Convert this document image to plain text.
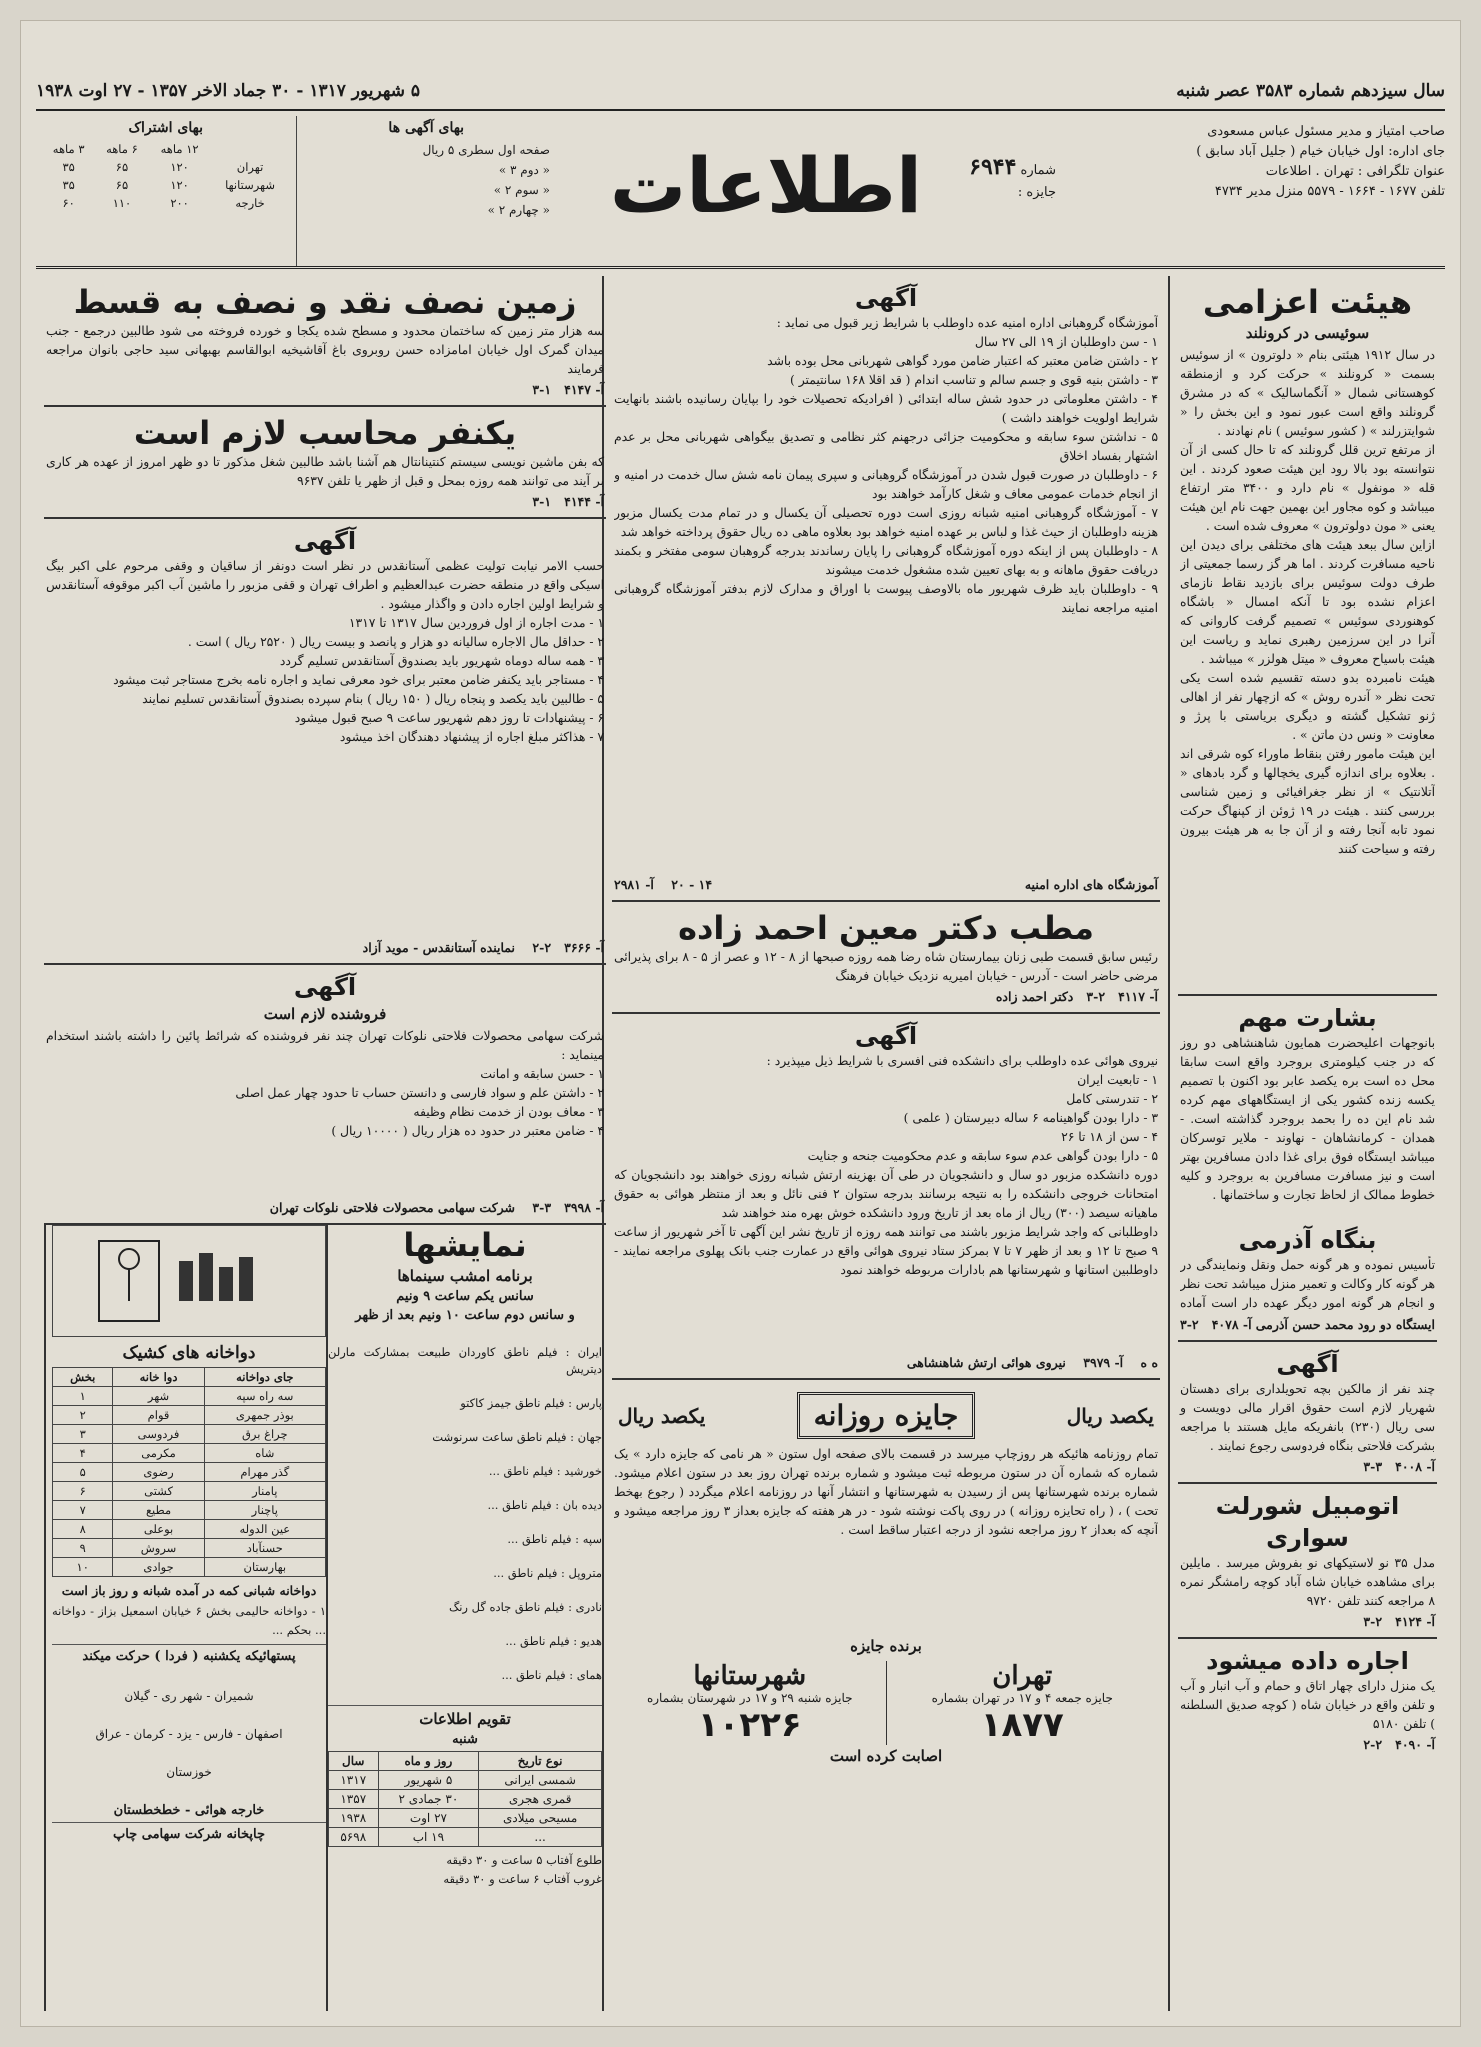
سال سیزدهم شماره ۳۵۸۳ عصر شنبه
۵ شهریور ۱۳۱۷ - ۳۰ جماد الاخر ۱۳۵۷ - ۲۷ اوت ۱۹۳۸
صاحب امتیاز و مدیر مسئول عباس مسعودی
جای اداره: اول خیابان خیام ( جلیل آباد سابق )
عنوان تلگرافی : تهران . اطلاعات
تلفن ۱۶۷۷ - ۱۶۶۴ - ۵۵۷۹ منزل مدیر ۴۷۳۴
اطلاعات	شماره ۶۹۴۴
جایزه :
بهای آگهی ها
صفحه اول سطری ۵ ریال
« دوم ۳ »
« سوم ۲ »
« چهارم ۲ »
بهای اشتراک
	۱۲ ماهه	۶ ماهه	۳ ماهه
تهران	۱۲۰	۶۵	۳۵
شهرستانها	۱۲۰	۶۵	۳۵
خارجه	۲۰۰	۱۱۰	۶۰
هیئت اعزامی
سوئیسی در کرونلند
در سال ۱۹۱۲ هیئتی بنام « دلوترون » از سوئیس بسمت « کرونلند » حرکت کرد و ازمنطقه کوهستانی شمال « آنگماسالیک » که در مشرق گرونلند واقع است عبور نمود و این بخش را « شوایتزرلند » ( کشور سوئیس ) نام نهادند .
از مرتفع ترین قلل گرونلند که تا حال کسی از آن نتوانسته بود بالا رود این هیئت صعود کردند . این قله « مونفول » نام دارد و ۳۴۰۰ متر ارتفاع میباشد و کوه مجاور این بهمین جهت نام این هیئت یعنی « مون دولوترون » معروف شده است .
ازاین سال ببعد هیئت های مختلفی برای دیدن این ناحیه مسافرت کردند . اما هر گز رسما جمعیتی از طرف دولت سوئیس برای بازدید نقاط نازمای اعزام نشده بود تا آنکه امسال « باشگاه کوهنوردی سوئیس » تصمیم گرفت کاروانی که آنرا در این سرزمین رهبری نماید و ریاست این هیئت باسیاح معروف « میتل هولزر » میباشد .
هیئت نامبرده بدو دسته تقسیم شده است یکی تحت نظر « آندره روش » که ازچهار نفر از اهالی ژنو تشکیل گشته و دیگری بریاستی با پرژ و معاونت « ونس دن ماتن » .
این هیئت مامور رفتن بنقاط ماوراء کوه شرقی اند . بعلاوه برای اندازه گیری یخچالها و گرد بادهای « آتلانتیک » از نظر جغرافیائی و زمین شناسی بررسی کنند . هیئت در ۱۹ ژوئن از کپنهاگ حرکت نمود تابه آنجا رفته و از آن جا به هر هیئت بیرون رفته و سیاحت کنند
بشارت مهم
بانوجهات اعلیحضرت همایون شاهنشاهی دو روز که در جنب کیلومتری بروجرد واقع است سابقا محل ده است بره یکصد عابر بود اکنون با تصمیم یکسه زنده کشور یکی از ایستگاههای مهم کرده شد نام این ده را بحمد بروجرد گذاشته است. - همدان - کرمانشاهان - نهاوند - ملایر توسرکان میباشد ایستگاه فوق برای غذا دادن مسافرین بهتر است و نیز مسافرت مسافرین به بروجرد و کلیه خطوط ممالک از لحاظ تجارت و ساختمانها .
بنگاه آذرمی
تأسیس نموده و هر گونه حمل ونقل ونمایندگی در هر گونه کار وکالت و تعمیر منزل میباشد تحت نظر و انجام هر گونه امور دیگر عهده دار است آماده
ایستگاه دو رود محمد حسن آذرمی
آ- ۴۰۷۸   ۲-۳
آگهی
چند نفر از مالکین بچه تحویلداری برای دهستان شهریار لازم است حقوق اقرار مالی دویست و سی ریال (۲۳۰) بانفریکه مایل هستند با مراجعه بشرکت فلاحتی بنگاه فردوسی رجوع نمایند .
آ- ۴۰۰۸   ۳-۳
اتومبیل شورلت سواری
مدل ۳۵ نو لاستیکهای نو بفروش میرسد . مایلین برای مشاهده خیابان شاه آباد کوچه رامشگر نمره ۸ مراجعه کنند تلفن ۹۷۲۰
آ- ۴۱۲۴   ۲-۳
اجاره داده میشود
یک منزل دارای چهار اتاق و حمام و آب انبار و آب و تلفن واقع در خیابان شاه ( کوچه صدیق السلطنه ) تلفن ۵۱۸۰
آ- ۴۰۹۰   ۲-۲
آگهی
آموزشگاه گروهبانی اداره امنیه عده داوطلب با شرایط زیر قبول می نماید :
۱ - سن داوطلبان از ۱۹ الی ۲۷ سال
۲ - داشتن ضامن معتبر که اعتبار ضامن مورد گواهی شهربانی محل بوده باشد
۳ - داشتن بنیه قوی و جسم سالم و تناسب اندام ( قد اقلا ۱۶۸ سانتیمتر )
۴ - داشتن معلوماتی در حدود شش ساله ابتدائی ( افرادیکه تحصیلات خود را بپایان رسانیده باشند بانهایت شرایط اولویت خواهند داشت )
۵ - نداشتن سوء سابقه و محکومیت جزائی درجهنم کثر نظامی و تصدیق بیگواهی شهربانی محل بر عدم اشتهار بفساد اخلاق
۶ - داوطلبان در صورت قبول شدن در آموزشگاه گروهبانی و سپری پیمان نامه شش سال خدمت در امنیه و از انجام خدمات عمومی معاف و شغل کارآمد خواهند بود
۷ - آموزشگاه گروهبانی امنیه شبانه روزی است دوره تحصیلی آن یکسال و در تمام مدت یکسال مزبور هزینه داوطلبان از حیث غذا و لباس بر عهده امنیه خواهد بود بعلاوه ماهی ده ریال حقوق پرداخته خواهد شد
۸ - داوطلبان پس از اینکه دوره آموزشگاه گروهبانی را پایان رساندند بدرجه گروهبان سومی مفتخر و بکمند دریافت حقوق ماهانه و به بهای تعیین شده مشغول خدمت میشوند
۹ - داوطلبان باید ظرف شهریور ماه بالاوصف پیوست با اوراق و مدارک لازم بدفتر آموزشگاه گروهبانی امنیه مراجعه نمایند
آموزشگاه های اداره امنیه
۱۴ - ۲۰    آ- ۲۹۸۱
مطب دکتر معین احمد زاده
رئیس سابق قسمت طبی زنان بیمارستان شاه رضا همه روزه صبحها از ۸ - ۱۲ و عصر از ۵ - ۸ برای پذیرائی مرضی حاضر است - آدرس - خیابان امیریه نزدیک خیابان فرهنگ
آ- ۴۱۱۷   ۲-۳   دکتر احمد زاده
آگهی
نیروی هوائی عده داوطلب برای دانشکده فنی افسری با شرایط ذیل میپذیرد :
۱ - تابعیت ایران
۲ - تندرستی کامل
۳ - دارا بودن گواهینامه ۶ ساله دبیرستان ( علمی )
۴ - سن از ۱۸ تا ۲۶
۵ - دارا بودن گواهی عدم سوء سابقه و عدم محکومیت جنحه و جنایت
دوره دانشکده مزبور دو سال و دانشجویان در طی آن بهزینه ارتش شبانه روزی خواهند بود دانشجویان که امتحانات خروجی دانشکده را به نتیجه برسانند بدرجه ستوان ۲ فنی نائل و بعد از منتظر هوائی به حقوق ماهیانه سیصد (۳۰۰) ریال از ماه بعد از تاریخ ورود دانشکده خوش بهره مند خواهند شد
داوطلبانی که واجد شرایط مزبور باشند می توانند همه روزه از تاریخ نشر این آگهی تا آخر شهریور از ساعت ۹ صبح تا ۱۲ و بعد از ظهر ۷ تا ۷ بمرکز ستاد نیروی هوائی واقع در عمارت جنب بانک پهلوی مراجعه نمایند - داوطلبین استانها و شهرستانها هم بادارات مربوطه خواهند نمود
ه ه    آ- ۳۹۷۹    نیروی هوائی ارتش شاهنشاهی
یکصد ریال
جایزه روزانه
یکصد ریال
تمام روزنامه هائیکه هر روزچاپ میرسد در قسمت بالای صفحه اول ستون « هر نامی که جایزه دارد » یک شماره که شماره آن در ستون مربوطه ثبت میشود و شماره برنده تهران روز بعد در ستون اعلام میشود. شماره برنده شهرستانها پس از رسیدن به شهرستانها و انتشار آنها در روزنامه اعلام میگردد ( رجوع بهخط تحت ) ، ( راه تحایزه روزانه ) در روی پاکت نوشته شود - در هر هفته که جایزه بعداز ۳ روز مراجعه میشود و آنچه که بعداز ۲ روز مراجعه نشود از درجه اعتبار ساقط است .
برنده جایزه
تهران
جایزه جمعه ۴ و ۱۷ در تهران بشماره
۱۸۷۷
شهرستانها
جایزه شنبه ۲۹ و ۱۷ در شهرستان بشماره
۱۰۲۲۶
اصابت کرده است
زمین نصف نقد و نصف به قسط
سه هزار متر زمین که ساختمان محدود و مسطح شده یکجا و خورده فروخته می شود طالبین درجمع - جنب میدان گمرک اول خیابان امامزاده حسن روبروی باغ آقاشیخیه ابوالقاسم بهبهانی سید حاجی بانوان مراجعه فرمایند
آ- ۴۱۴۷   ۱-۳
یکنفر محاسب لازم است
که بفن ماشین نویسی سیستم کنتینانتال هم آشنا باشد طالبین شغل مذکور تا دو ظهر امروز از عهده هر کاری بر آیند می توانند همه روزه بمحل و قبل از ظهر یا تلفن ۹۶۳۷
آ- ۴۱۴۴   ۱-۳
آگهی
حسب الامر نیابت تولیت عظمی آستانقدس در نظر است دونفر از ساقیان و وقفی مرحوم علی اکبر بیگ اسیکی واقع در منطقه حضرت عبدالعظیم و اطراف تهران و قفی مزبور را ماشین آب اکبر موقوفه آستانقدس و شرایط اولین اجاره دادن و واگذار میشود .
۱ - مدت اجاره از اول فروردین سال ۱۳۱۷ تا ۱۳۱۷
۲ - حداقل مال الاجاره سالیانه دو هزار و پانصد و بیست ریال ( ۲۵۲۰ ریال ) است .
۳ - همه ساله دوماه شهریور باید بصندوق آستانقدس تسلیم گردد
۴ - مستاجر باید یکنفر ضامن معتبر برای خود معرفی نماید و اجاره نامه بخرج مستاجر ثبت میشود
۵ - طالبین باید یکصد و پنجاه ریال ( ۱۵۰ ریال ) بنام سپرده بصندوق آستانقدس تسلیم نمایند
۶ - پیشنهادات تا روز دهم شهریور ساعت ۹ صبح قبول میشود
۷ - هذاکثر مبلغ اجاره از پیشنهاد دهندگان اخذ میشود
آ- ۳۶۶۶   ۲-۲    نماینده آستانقدس - موید آزاد
آگهی
فروشنده لازم است
شرکت سهامی محصولات فلاحتی نلوکات تهران چند نفر فروشنده که شرائط پائین را داشته باشند استخدام مینماید :
۱ - حسن سابقه و امانت
۲ - داشتن علم و سواد فارسی و دانستن حساب تا حدود چهار عمل اصلی
۳ - معاف بودن از خدمت نظام وظیفه
۴ - ضامن معتبر در حدود ده هزار ریال ( ۱۰۰۰۰ ریال )
آ- ۳۹۹۸   ۳-۳    شرکت سهامی محصولات فلاحتی نلوکات تهران
نمایشها
برنامه امشب سینماها
سانس یکم ساعت ۹ ونیم
و سانس دوم ساعت ۱۰ ونیم بعد از ظهر

ایران : فیلم ناطق کاوردان طبیعت بمشارکت مارلن دیتریش

پارس : فیلم ناطق جیمز کاکتو

جهان : فیلم ناطق ساعت سرنوشت

خورشید : فیلم ناطق ...

دیده بان : فیلم ناطق ...

سپه : فیلم ناطق ...

متروپل : فیلم ناطق ...

نادری : فیلم ناطق جاده گل رنگ

هدیو : فیلم ناطق ...

همای : فیلم ناطق ...

تقویم اطلاعات
شنبه
نوع تاریخ	روز و ماه	سال
شمسی ایرانی	۵ شهریور	۱۳۱۷
قمری هجری	۳۰ جمادی ۲	۱۳۵۷
مسیحی میلادی	۲۷ اوت	۱۹۳۸
...	۱۹ اب	۵۶۹۸
طلوع آفتاب ۵ ساعت و ۳۰ دقیقه
غروب آفتاب ۶ ساعت و ۳۰ دقیقه
دواخانه های کشیک
جای دواخانه	دوا خانه	بخش
سه راه سپه	شهر	۱
بوذر جمهری	قوام	۲
چراغ برق	فردوسی	۳
شاه	مکرمی	۴
گذر مهرام	رضوی	۵
پامنار	کشتی	۶
پاچنار	مطیع	۷
عین الدوله	بوعلی	۸
حسنآباد	سروش	۹
بهارستان	جوادی	۱۰
دواخانه شبانی کمه در آمده شبانه و روز باز است
۱ - دواخانه حالیمی بخش ۶ خیابان اسمعیل بزاز - دواخانه ... بحکم ...
پستهائیکه یکشنبه ( فردا ) حرکت میکند

شمیران - شهر ری - گیلان

اصفهان - فارس - یزد - کرمان - عراق

خوزستان

خارجه هوائی - خطخطستان
چاپخانه شرکت سهامی چاپ
